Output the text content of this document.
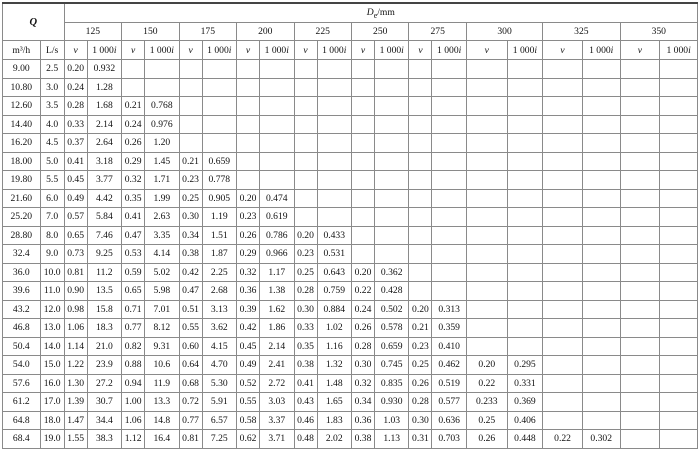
Q		$D_e/mm$																			
		125		150		175		200		225		250		275		300		325		350	
m³/h	L/s	v	1 000i	v	1 000i	v	1 000i	v	1 000i	v	1 000i	v	1 000i	v	1 000i	v	1 000i	v	1 000i	v	1 000i
9.00	2.5	0.20	0.932																		
10.80	3.0	0.24	1.28																		
12.60	3.5	0.28	1.68	0.21	0.768																
14.40	4.0	0.33	2.14	0.24	0.976																
16.20	4.5	0.37	2.64	0.26	1.20																
18.00	5.0	0.41	3.18	0.29	1.45	0.21	0.659														
19.80	5.5	0.45	3.77	0.32	1.71	0.23	0.778														
21.60	6.0	0.49	4.42	0.35	1.99	0.25	0.905	0.20	0.474												
25.20	7.0	0.57	5.84	0.41	2.63	0.30	1.19	0.23	0.619												
28.80	8.0	0.65	7.46	0.47	3.35	0.34	1.51	0.26	0.786	0.20	0.433										
32.4	9.0	0.73	9.25	0.53	4.14	0.38	1.87	0.29	0.966	0.23	0.531										
36.0	10.0	0.81	11.2	0.59	5.02	0.42	2.25	0.32	1.17	0.25	0.643	0.20	0.362								
39.6	11.0	0.90	13.5	0.65	5.98	0.47	2.68	0.36	1.38	0.28	0.759	0.22	0.428								
43.2	12.0	0.98	15.8	0.71	7.01	0.51	3.13	0.39	1.62	0.30	0.884	0.24	0.502	0.20	0.313						
46.8	13.0	1.06	18.3	0.77	8.12	0.55	3.62	0.42	1.86	0.33	1.02	0.26	0.578	0.21	0.359						
50.4	14.0	1.14	21.0	0.82	9.31	0.60	4.15	0.45	2.14	0.35	1.16	0.28	0.659	0.23	0.410						
54.0	15.0	1.22	23.9	0.88	10.6	0.64	4.70	0.49	2.41	0.38	1.32	0.30	0.745	0.25	0.462	0.20	0.295				
57.6	16.0	1.30	27.2	0.94	11.9	0.68	5.30	0.52	2.72	0.41	1.48	0.32	0.835	0.26	0.519	0.22	0.331				
61.2	17.0	1.39	30.7	1.00	13.3	0.72	5.91	0.55	3.03	0.43	1.65	0.34	0.930	0.28	0.577	0.233	0.369				
64.8	18.0	1.47	34.4	1.06	14.8	0.77	6.57	0.58	3.37	0.46	1.83	0.36	1.03	0.30	0.636	0.25	0.406				
68.4	19.0	1.55	38.3	1.12	16.4	0.81	7.25	0.62	3.71	0.48	2.02	0.38	1.13	0.31	0.703	0.26	0.448	0.22	0.302		
